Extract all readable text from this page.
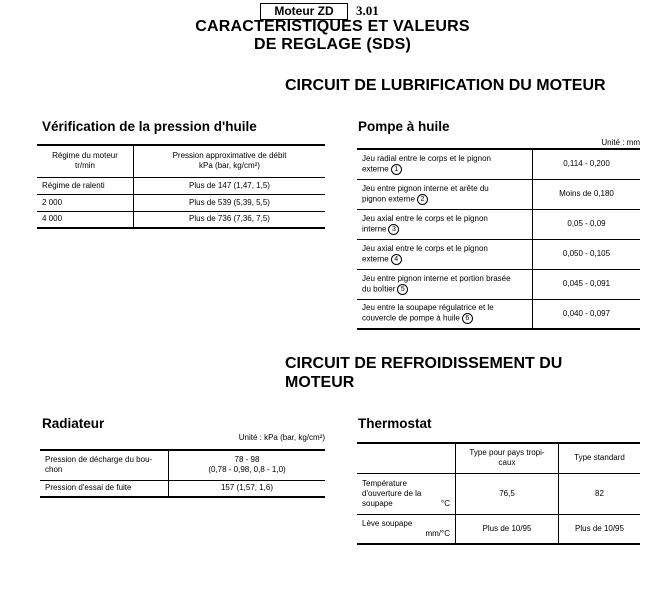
Moteur ZD	3.01
CARACTERISTIQUES ET VALEURS
DE REGLAGE (SDS)
CIRCUIT DE LUBRIFICATION DU MOTEUR
Vérification de la pression d'huile
Régime du moteur
tr/min	Pression approximative de débit
kPa (bar, kg/cm²)

Régime de ralenti	Plus de 147 (1,47, 1,5)
2 000	Plus de 539 (5,39, 5,5)
4 000	Plus de 736 (7,36, 7,5)
Pompe à huile
Unité : mm
Jeu radial entre le corps et le pignon
externe 1	0,114 - 0,200

Jeu entre pignon interne et arête du
pignon externe 2	Moins de 0,180

Jeu axial entre le corps et le pignon
interne 3	0,05 - 0,09

Jeu axial entre le corps et le pignon
externe 4	0,050 - 0,105

Jeu entre pignon interne et portion brasée
du boîtier 5	0,045 - 0,091

Jeu entre la soupape régulatrice et le
couvercle de pompe à huile 6	0,040 - 0,097
CIRCUIT DE REFROIDISSEMENT DU
MOTEUR
Radiateur
Unité : kPa (bar, kg/cm²)
Pression de décharge du bou-
chon	78 - 98
(0,78 - 0,98, 0,8 - 1,0)

Pression d'essai de fuite	157 (1,57, 1,6)
Thermostat

	Type pour pays tropi-
caux	Type standard

Température
d'ouverture de la
soupape °C	76,5	82

Lève soupape
mm/°C	Plus de 10/95	Plus de 10/95
